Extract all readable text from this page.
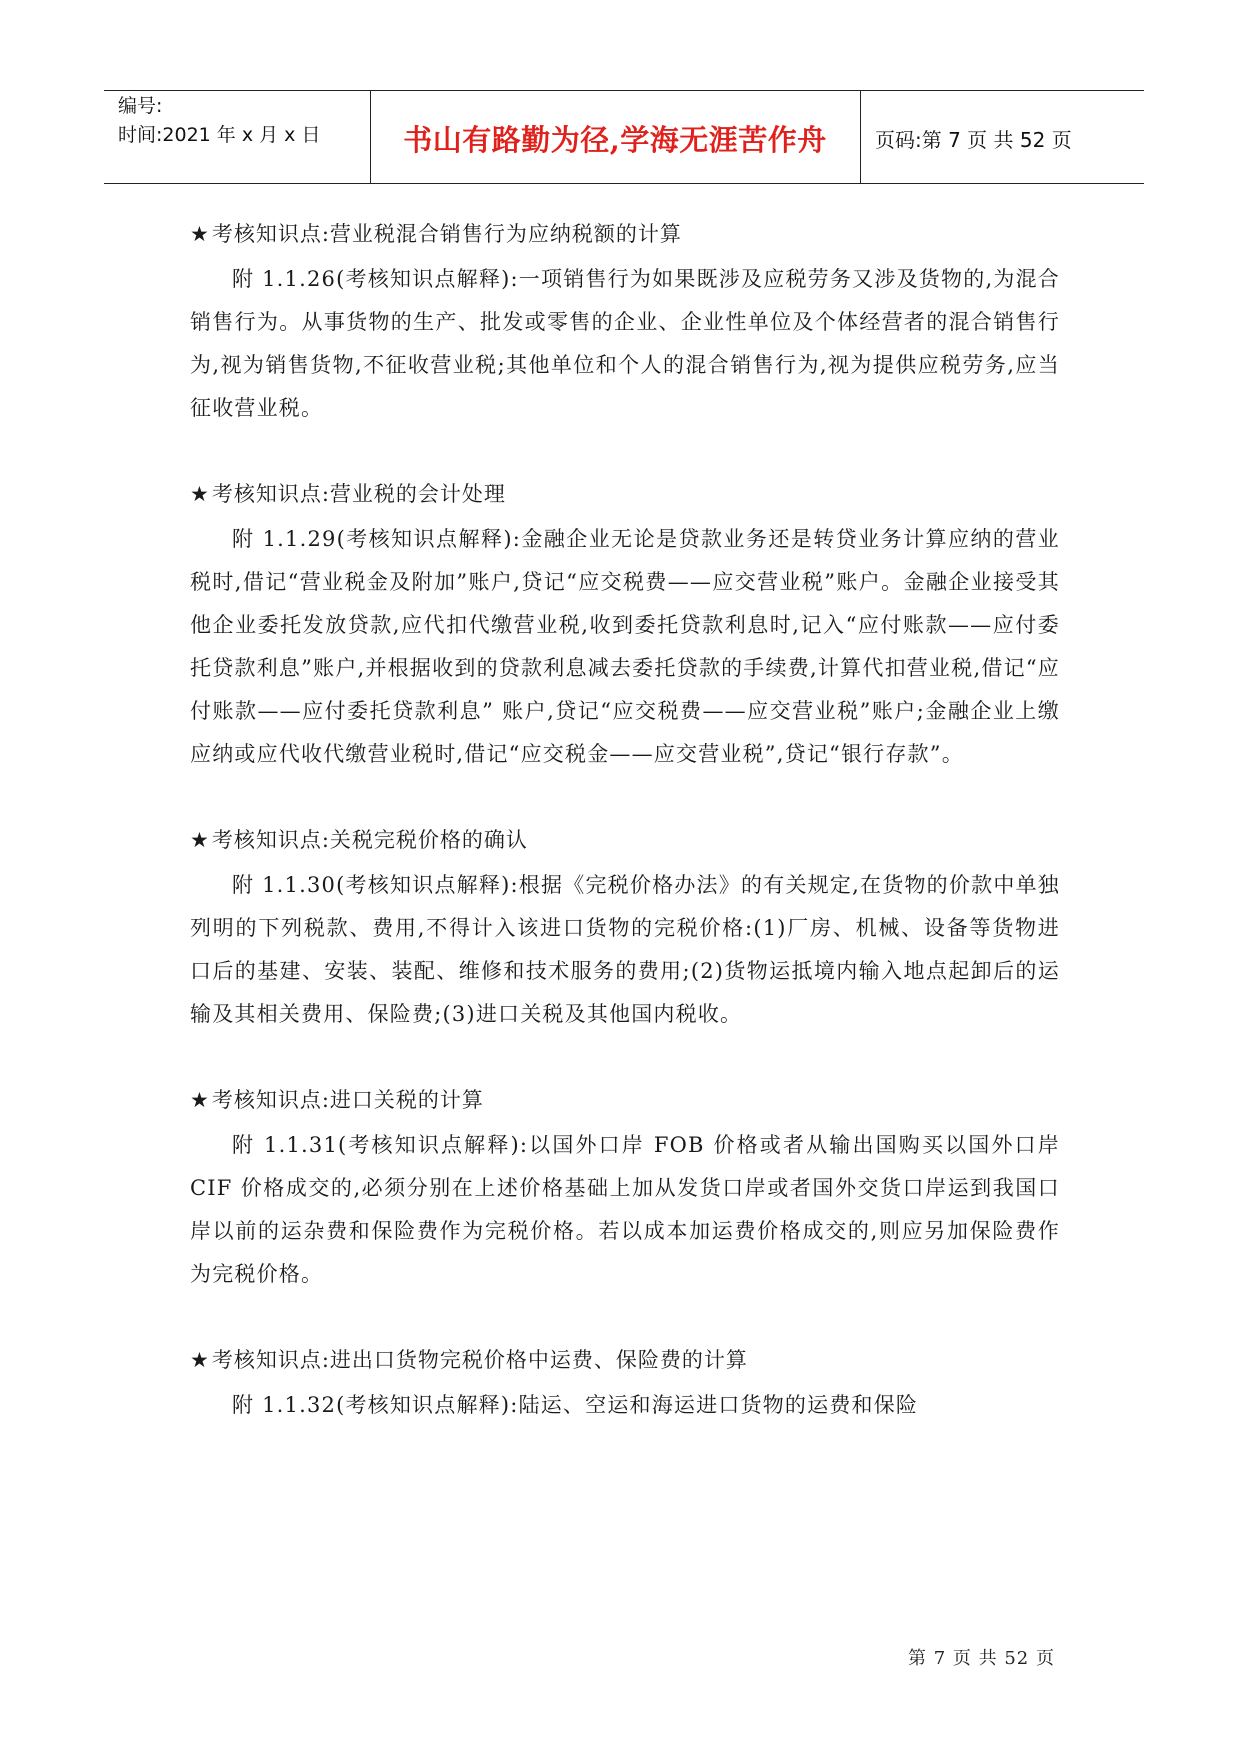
编号:
时间:2021 年 x 月 x 日	书山有路勤为径,学海无涯苦作舟	页码:第 7 页 共 52 页

★考核知识点:营业税混合销售行为应纳税额的计算

附 1.1.26(考核知识点解释):一项销售行为如果既涉及应税劳务又涉及货物的,为混合销售行为。从事货物的生产、批发或零售的企业、企业性单位及个体经营者的混合销售行为,视为销售货物,不征收营业税;其他单位和个人的混合销售行为,视为提供应税劳务,应当征收营业税。

★考核知识点:营业税的会计处理

附 1.1.29(考核知识点解释):金融企业无论是贷款业务还是转贷业务计算应纳的营业税时,借记“营业税金及附加”账户,贷记“应交税费——应交营业税”账户。金融企业接受其他企业委托发放贷款,应代扣代缴营业税,收到委托贷款利息时,记入“应付账款——应付委托贷款利息”账户,并根据收到的贷款利息减去委托贷款的手续费,计算代扣营业税,借记“应付账款——应付委托贷款利息” 账户,贷记“应交税费——应交营业税”账户;金融企业上缴应纳或应代收代缴营业税时,借记“应交税金——应交营业税”,贷记“银行存款”。

★考核知识点:关税完税价格的确认

附 1.1.30(考核知识点解释):根据《完税价格办法》的有关规定,在货物的价款中单独列明的下列税款、费用,不得计入该进口货物的完税价格:(1)厂房、机械、设备等货物进口后的基建、安装、装配、维修和技术服务的费用;(2)货物运抵境内输入地点起卸后的运输及其相关费用、保险费;(3)进口关税及其他国内税收。

★考核知识点:进口关税的计算

附 1.1.31(考核知识点解释):以国外口岸 FOB 价格或者从输出国购买以国外口岸 CIF 价格成交的,必须分别在上述价格基础上加从发货口岸或者国外交货口岸运到我国口岸以前的运杂费和保险费作为完税价格。若以成本加运费价格成交的,则应另加保险费作为完税价格。

★考核知识点:进出口货物完税价格中运费、保险费的计算

附 1.1.32(考核知识点解释):陆运、空运和海运进口货物的运费和保险

第 7 页 共 52 页
